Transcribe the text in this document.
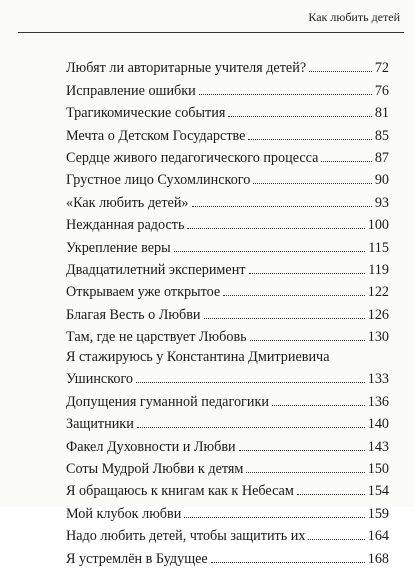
Как любить детей
Любят ли авторитарные учителя детей?	72
Исправление ошибки	76
Трагикомические события	81
Мечта о Детском Государстве	85
Сердце живого педагогического процесса	87
Грустное лицо Сухомлинского	90
«Как любить детей»	93
Нежданная радость	100
Укрепление веры	115
Двадцатилетний эксперимент	119
Открываем уже открытое	122
Благая Весть о Любви	126
Там, где не царствует Любовь	130
Я стажируюсь у Константина Дмитриевича
Ушинского	133
Допущения гуманной педагогики	136
Защитники	140
Факел Духовности и Любви	143
Соты Мудрой Любви к детям	150
Я обращаюсь к книгам как к Небесам	154
Мой клубок любви	159
Надо любить детей, чтобы защитить их	164
Я устремлён в Будущее	168
